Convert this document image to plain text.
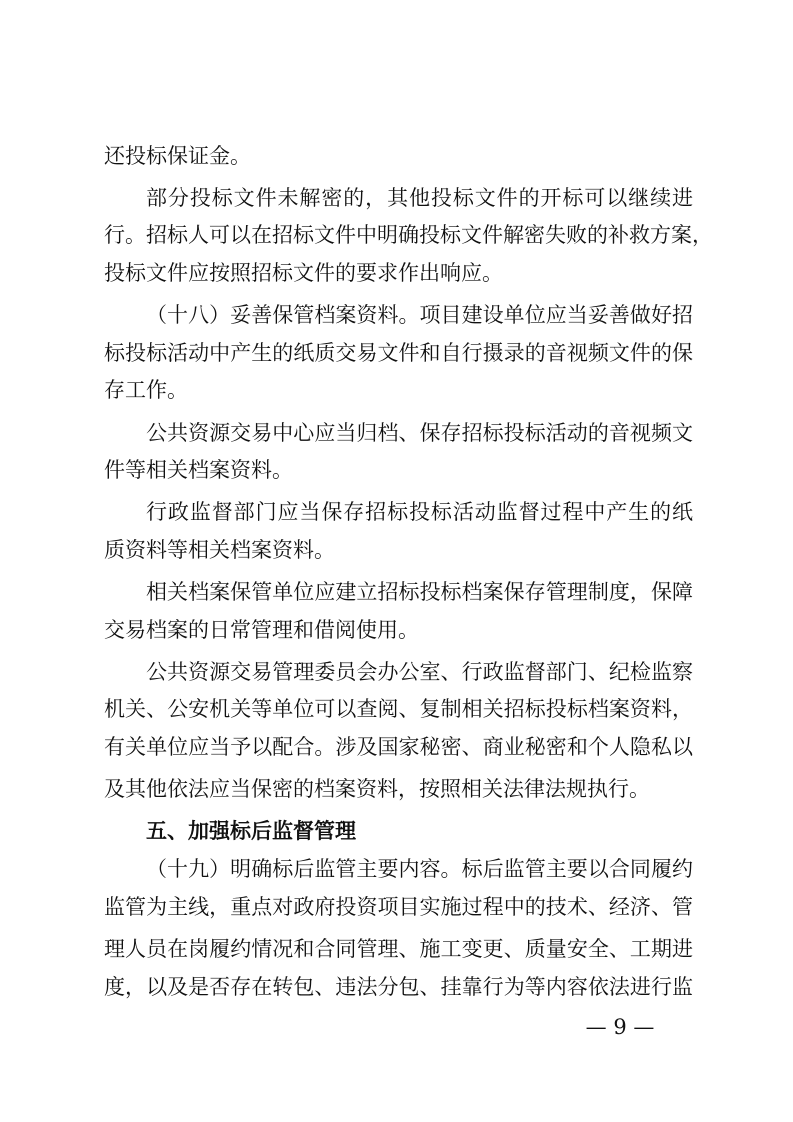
还投标保证金。
部分投标文件未解密的，其他投标文件的开标可以继续进
行。招标人可以在招标文件中明确投标文件解密失败的补救方案，
投标文件应按照招标文件的要求作出响应。
（十八）妥善保管档案资料。项目建设单位应当妥善做好招
标投标活动中产生的纸质交易文件和自行摄录的音视频文件的保
存工作。
公共资源交易中心应当归档、保存招标投标活动的音视频文
件等相关档案资料。
行政监督部门应当保存招标投标活动监督过程中产生的纸
质资料等相关档案资料。
相关档案保管单位应建立招标投标档案保存管理制度，保障
交易档案的日常管理和借阅使用。
公共资源交易管理委员会办公室、行政监督部门、纪检监察
机关、公安机关等单位可以查阅、复制相关招标投标档案资料，
有关单位应当予以配合。涉及国家秘密、商业秘密和个人隐私以
及其他依法应当保密的档案资料，按照相关法律法规执行。
五、加强标后监督管理
（十九）明确标后监管主要内容。标后监管主要以合同履约
监管为主线，重点对政府投资项目实施过程中的技术、经济、管
理人员在岗履约情况和合同管理、施工变更、质量安全、工期进
度，以及是否存在转包、违法分包、挂靠行为等内容依法进行监
— 9 —
